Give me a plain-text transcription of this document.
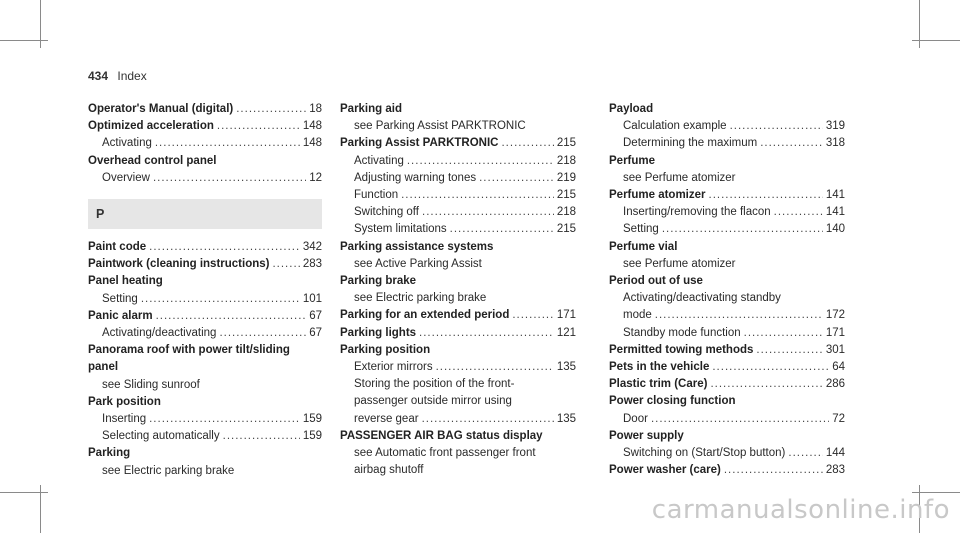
434 Index
Operator's Manual (digital) .....	18
Optimized acceleration .....	148
Activating .....	148
Overhead control panel
Overview .....	12
P
Paint code .....	342
Paintwork (cleaning instructions) .....	283
Panel heating
Setting .....	101
Panic alarm .....	67
Activating/deactivating .....	67
Panorama roof with power tilt/sliding
panel
see Sliding sunroof
Park position
Inserting .....	159
Selecting automatically .....	159
Parking
see Electric parking brake
Parking aid
see Parking Assist PARKTRONIC
Parking Assist PARKTRONIC .....	215
Activating .....	218
Adjusting warning tones .....	219
Function .....	215
Switching off .....	218
System limitations .....	215
Parking assistance systems
see Active Parking Assist
Parking brake
see Electric parking brake
Parking for an extended period .....	171
Parking lights .....	121
Parking position
Exterior mirrors .....	135
Storing the position of the front-
passenger outside mirror using
reverse gear .....	135
PASSENGER AIR BAG status display
see Automatic front passenger front
airbag shutoff
Payload
Calculation example .....	319
Determining the maximum .....	318
Perfume
see Perfume atomizer
Perfume atomizer .....	141
Inserting/removing the flacon .....	141
Setting .....	140
Perfume vial
see Perfume atomizer
Period out of use
Activating/deactivating standby
mode .....	172
Standby mode function .....	171
Permitted towing methods .....	301
Pets in the vehicle .....	64
Plastic trim (Care) .....	286
Power closing function
Door .....	72
Power supply
Switching on (Start/Stop button) .....	144
Power washer (care) .....	283
carmanualsonline.info
